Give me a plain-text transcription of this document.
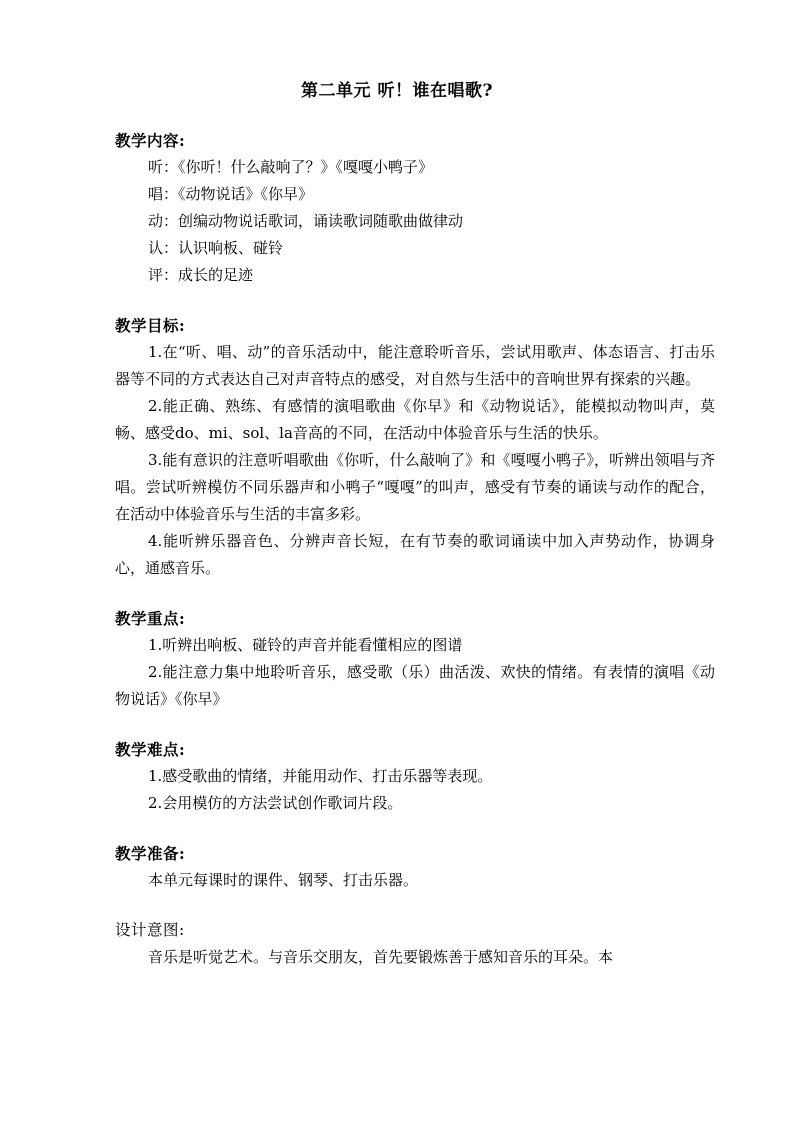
第二单元 听！谁在唱歌?
教学内容:
听：《你听！什么敲响了？》《嘎嘎小鸭子》
唱：《动物说话》《你早》
动：创编动物说话歌词，诵读歌词随歌曲做律动
认：认识响板、碰铃
评：成长的足迹
教学目标:
1.在“听、唱、动”的音乐活动中，能注意聆听音乐，尝试用歌声、体态语言、打击乐器等不同的方式表达自己对声音特点的感受，对自然与生活中的音响世界有探索的兴趣。
2.能正确、熟练、有感情的演唱歌曲《你早》和《动物说话》，能模拟动物叫声，莫畅、感受do、mi、sol、la音高的不同，在活动中体验音乐与生活的快乐。
3.能有意识的注意听唱歌曲《你听，什么敲响了》和《嘎嘎小鸭子》，听辨出领唱与齐唱。尝试听辨模仿不同乐器声和小鸭子“嘎嘎”的叫声，感受有节奏的诵读与动作的配合，在活动中体验音乐与生活的丰富多彩。
4.能听辨乐器音色、分辨声音长短，在有节奏的歌词诵读中加入声势动作，协调身心，通感音乐。
教学重点:
1.听辨出响板、碰铃的声音并能看懂相应的图谱
2.能注意力集中地聆听音乐，感受歌（乐）曲活泼、欢快的情绪。有表情的演唱《动物说话》《你早》
教学难点:
1.感受歌曲的情绪，并能用动作、打击乐器等表现。
2.会用模仿的方法尝试创作歌词片段。
教学准备:
本单元每课时的课件、钢琴、打击乐器。
设计意图:
音乐是听觉艺术。与音乐交朋友，首先要锻炼善于感知音乐的耳朵。本
